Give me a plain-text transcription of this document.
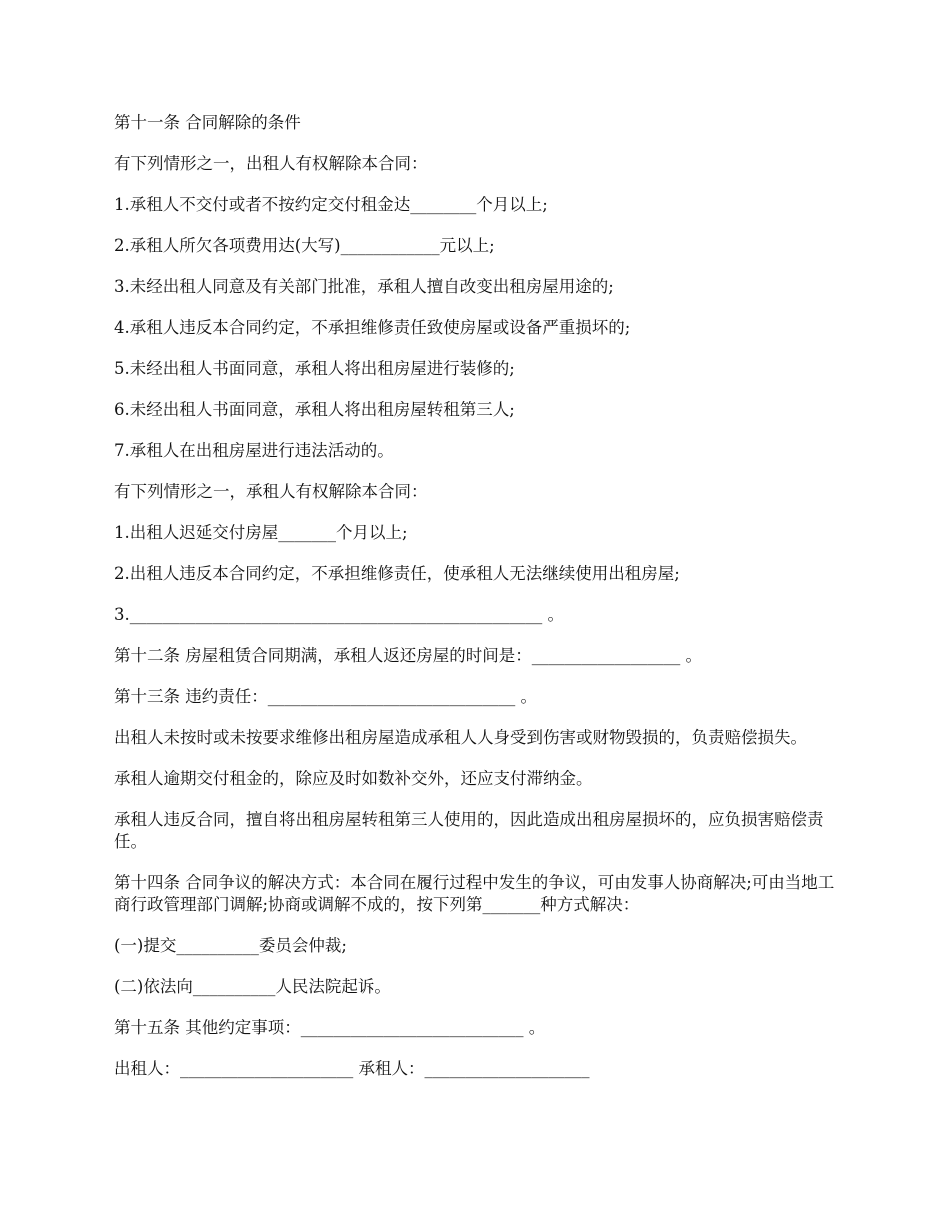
第十一条 合同解除的条件

有下列情形之一，出租人有权解除本合同：

1.承租人不交付或者不按约定交付租金达________个月以上;

2.承租人所欠各项费用达(大写)____________元以上;

3.未经出租人同意及有关部门批准，承租人擅自改变出租房屋用途的;

4.承租人违反本合同约定，不承担维修责任致使房屋或设备严重损坏的;

5.未经出租人书面同意，承租人将出租房屋进行装修的;

6.未经出租人书面同意，承租人将出租房屋转租第三人;

7.承租人在出租房屋进行违法活动的。

有下列情形之一，承租人有权解除本合同：

1.出租人迟延交付房屋_______个月以上;

2.出租人违反本合同约定，不承担维修责任，使承租人无法继续使用出租房屋;

3.__________________________________________________ 。

第十二条 房屋租赁合同期满，承租人返还房屋的时间是：__________________ 。

第十三条 违约责任：______________________________ 。

出租人未按时或未按要求维修出租房屋造成承租人人身受到伤害或财物毁损的，负责赔偿损失。

承租人逾期交付租金的，除应及时如数补交外，还应支付滞纳金。

承租人违反合同，擅自将出租房屋转租第三人使用的，因此造成出租房屋损坏的，应负损害赔偿责任。

第十四条 合同争议的解决方式：本合同在履行过程中发生的争议，可由发事人协商解决;可由当地工商行政管理部门调解;协商或调解不成的，按下列第_______种方式解决：

(一)提交__________委员会仲裁;

(二)依法向__________人民法院起诉。

第十五条 其他约定事项：___________________________ 。

出租人：_____________________ 承租人：____________________
